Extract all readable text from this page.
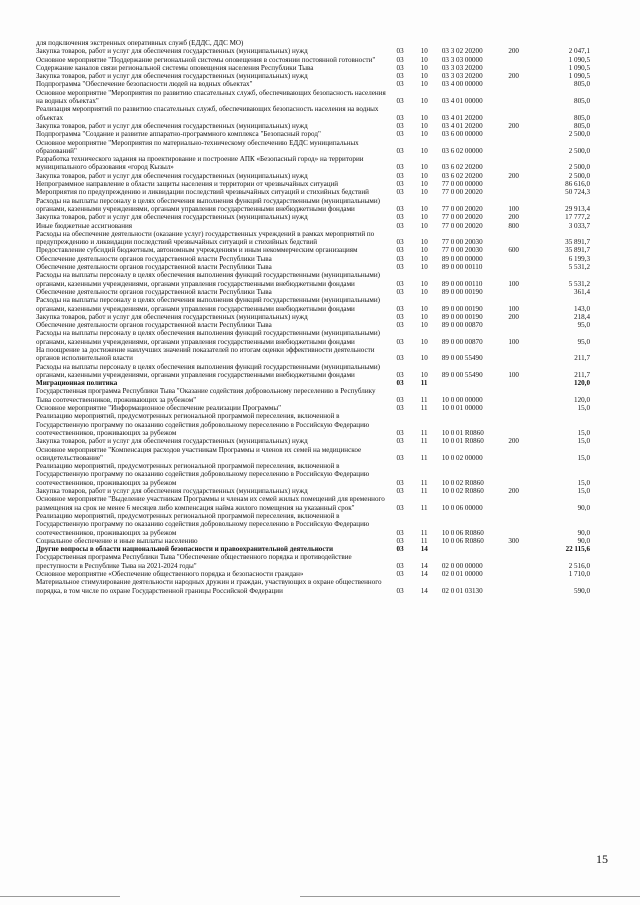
для подключения экстренных оперативных служб (ЕДДС, ДДС МО)					
Закупка товаров, работ и услуг для обеспечения государственных (муниципальных) нужд	03	10	03 3 02 20200	200	2 047,1
Основное мероприятие "Поддержание региональной системы оповещения в состоянии постоянной готовности"	03	10	03 3 03 00000		1 090,5
Содержание каналов связи региональной системы оповещения населения Республики Тыва	03	10	03 3 03 20200		1 090,5
Закупка товаров, работ и услуг для обеспечения государственных (муниципальных) нужд	03	10	03 3 03 20200	200	1 090,5
Подпрограмма "Обеспечение безопасности людей на водных объектах"	03	10	03 4 00 00000		805,0
Основное мероприятие "Мероприятия по развитию спасательных служб, обеспечивающих безопасность населения на водных объектах"	03	10	03 4 01 00000		805,0
Реализация мероприятий по развитию спасательных служб, обеспечивающих безопасность населения на водных объектах	03	10	03 4 01 20200		805,0
Закупка товаров, работ и услуг для обеспечения государственных (муниципальных) нужд	03	10	03 4 01 20200	200	805,0
Подпрограмма "Создание и развитие аппаратно-программного комплекса "Безопасный город"	03	10	03 6 00 00000		2 500,0
Основное мероприятие "Мероприятия по материально-техническому обеспечению ЕДДС муниципальных образований"	03	10	03 6 02 00000		2 500,0
Разработка технического задания на проектирование и построение АПК «Безопасный город» на территории муниципального образования «город Кызыл»	03	10	03 6 02 20200		2 500,0
Закупка товаров, работ и услуг для обеспечения государственных (муниципальных) нужд	03	10	03 6 02 20200	200	2 500,0
Непрограммное направление в области защиты населения и территории от чрезвычайных ситуаций	03	10	77 0 00 00000		86 616,0
Мероприятия по предупреждению и ликвидации последствий чрезвычайных ситуаций и стихийных бедствий	03	10	77 0 00 20020		50 724,3
Расходы на выплаты персоналу в целях обеспечения выполнения функций государственными (муниципальными) органами, казенными учреждениями, органами управления государственными внебюджетными фондами	03	10	77 0 00 20020	100	29 913,4
Закупка товаров, работ и услуг для обеспечения государственных (муниципальных) нужд	03	10	77 0 00 20020	200	17 777,2
Иные бюджетные ассигнования	03	10	77 0 00 20020	800	3 033,7
Расходы на обеспечение деятельности (оказание услуг) государственных учреждений в рамках мероприятий по предупреждению и ликвидации последствий чрезвычайных ситуаций и стихийных бедствий	03	10	77 0 00 20030		35 891,7
Предоставление субсидий бюджетным, автономным учреждениям и иным некоммерческим организациям	03	10	77 0 00 20030	600	35 891,7
Обеспечение деятельности органов государственной власти Республики Тыва	03	10	89 0 00 00000		6 199,3
Обеспечение деятельности органов государственной власти Республики Тыва	03	10	89 0 00 00110		5 531,2
Расходы на выплаты персоналу в целях обеспечения выполнения функций государственными (муниципальными) органами, казенными учреждениями, органами управления государственными внебюджетными фондами	03	10	89 0 00 00110	100	5 531,2
Обеспечение деятельности органов государственной власти Республики Тыва	03	10	89 0 00 00190		361,4
Расходы на выплаты персоналу в целях обеспечения выполнения функций государственными (муниципальными) органами, казенными учреждениями, органами управления государственными внебюджетными фондами	03	10	89 0 00 00190	100	143,0
Закупка товаров, работ и услуг для обеспечения государственных (муниципальных) нужд	03	10	89 0 00 00190	200	218,4
Обеспечение деятельности органов государственной власти Республики Тыва	03	10	89 0 00 00870		95,0
Расходы на выплаты персоналу в целях обеспечения выполнения функций государственными (муниципальными) органами, казенными учреждениями, органами управления государственными внебюджетными фондами	03	10	89 0 00 00870	100	95,0
На поощрение за достижение наилучших значений показателей по итогам оценки эффективности деятельности органов исполнительной власти	03	10	89 0 00 55490		211,7
Расходы на выплаты персоналу в целях обеспечения выполнения функций государственными (муниципальными) органами, казенными учреждениями, органами управления государственными внебюджетными фондами	03	10	89 0 00 55490	100	211,7
Миграционная политика	03	11			120,0
Государственная программа Республики Тыва "Оказание содействия добровольному переселению в Республику Тыва соотечественников, проживающих за рубежом"	03	11	10 0 00 00000		120,0
Основное мероприятие "Информационное обеспечение реализации Программы"	03	11	10 0 01 00000		15,0
Реализацию мероприятий, предусмотренных региональной программой переселения, включенной в Государственную программу по оказанию содействия добровольному переселению в Российскую Федерацию соотечественников, проживающих за рубежом	03	11	10 0 01 R0860		15,0
Закупка товаров, работ и услуг для обеспечения государственных (муниципальных) нужд	03	11	10 0 01 R0860	200	15,0
Основное мероприятие "Компенсация расходов участникам Программы и членов их семей на медицинское освидетельствование"	03	11	10 0 02 00000		15,0
Реализацию мероприятий, предусмотренных региональной программой переселения, включенной в Государственную программу по оказанию содействия добровольному переселению в Российскую Федерацию соотечественников, проживающих за рубежом	03	11	10 0 02 R0860		15,0
Закупка товаров, работ и услуг для обеспечения государственных (муниципальных) нужд	03	11	10 0 02 R0860	200	15,0
Основное мероприятие "Выделение участникам Программы и членам их семей жилых помещений для временного размещения на срок не менее 6 месяцев либо компенсация найма жилого помещения на указанный срок"	03	11	10 0 06 00000		90,0
Реализацию мероприятий, предусмотренных региональной программой переселения, включенной в Государственную программу по оказанию содействия добровольному переселению в Российскую Федерацию соотечественников, проживающих за рубежом	03	11	10 0 06 R0860		90,0
Социальное обеспечение и иные выплаты населению	03	11	10 0 06 R0860	300	90,0
Другие вопросы в области национальной безопасности и правоохранительной деятельности	03	14			22 115,6
Государственная программа Республики Тыва "Обеспечение общественного порядка и противодействие преступности в Республике Тыва на 2021-2024 годы"	03	14	02 0 00 00000		2 516,0
Основное мероприятие «Обеспечение общественного порядка и безопасности граждан»	03	14	02 0 01 00000		1 710,0
Материальное стимулирование деятельности народных дружин и граждан, участвующих в охране общественного порядка, в том числе по охране Государственной границы Российской Федерации	03	14	02 0 01 03130		590,0
15
